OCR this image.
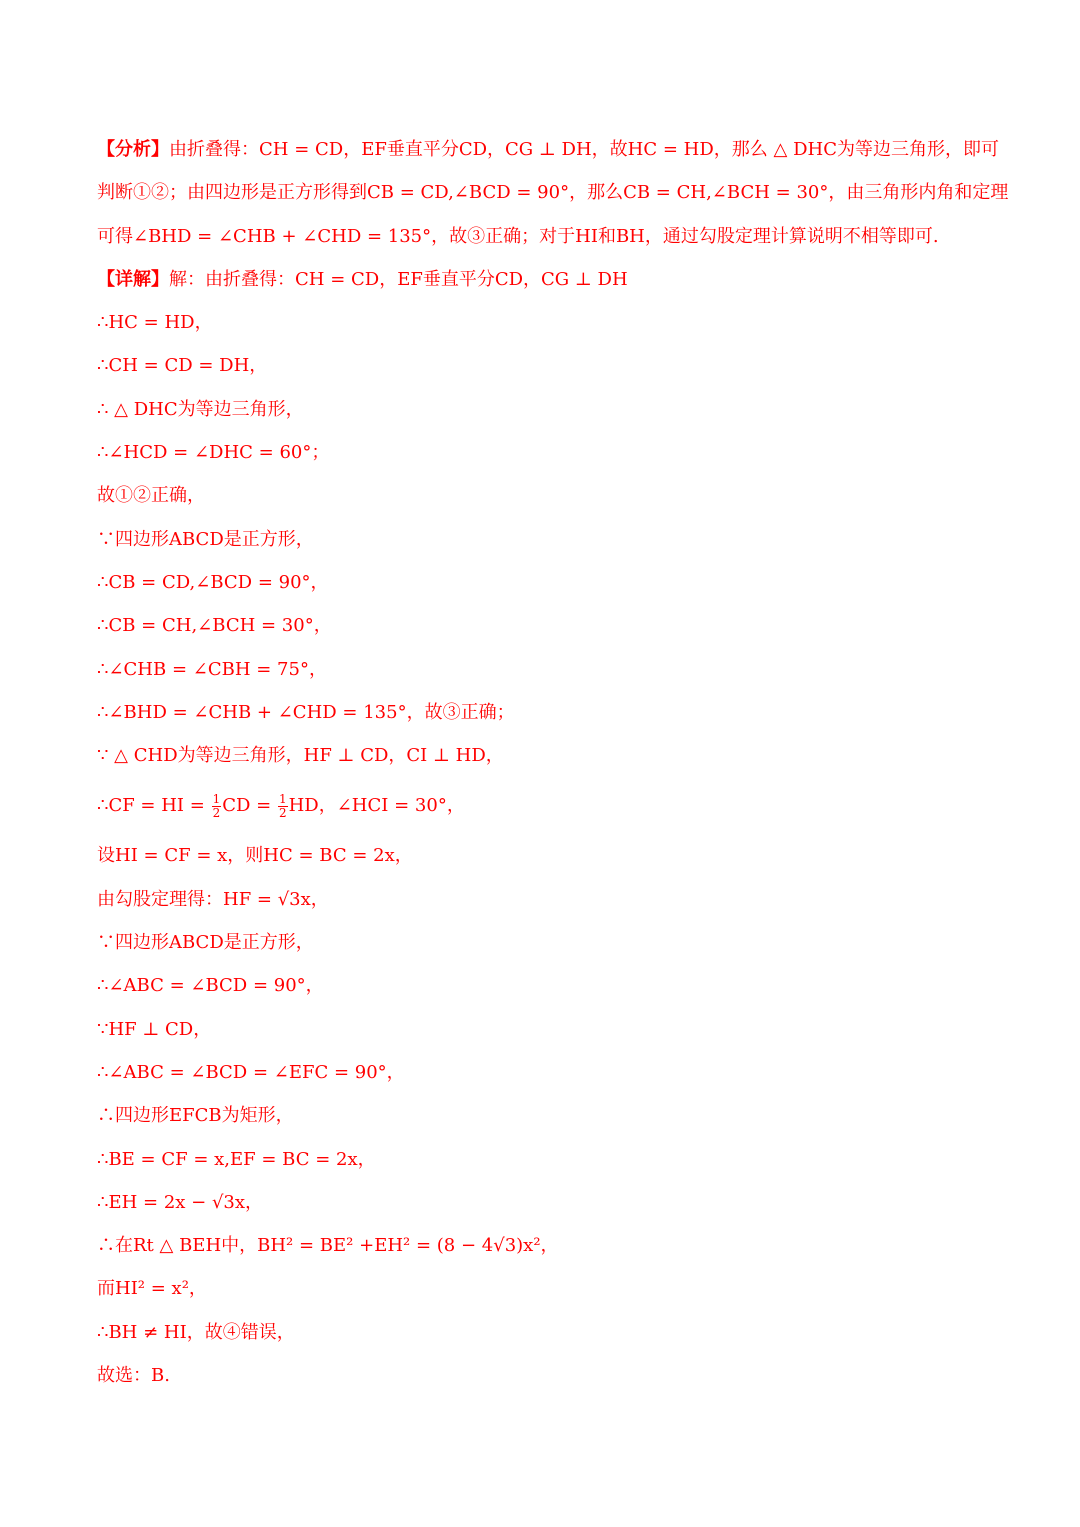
【分析】由折叠得：CH = CD，EF垂直平分CD，CG ⊥ DH，故HC = HD，那么 △ DHC为等边三角形，即可
判断①②；由四边形是正方形得到CB = CD,∠BCD = 90°，那么CB = CH,∠BCH = 30°，由三角形内角和定理
可得∠BHD = ∠CHB + ∠CHD = 135°，故③正确；对于HI和BH，通过勾股定理计算说明不相等即可.
【详解】解：由折叠得：CH = CD，EF垂直平分CD，CG ⊥ DH
∴HC = HD，
∴CH = CD = DH，
∴ △ DHC为等边三角形，
∴∠HCD = ∠DHC = 60°；
故①②正确，
∵四边形ABCD是正方形，
∴CB = CD,∠BCD = 90°，
∴CB = CH,∠BCH = 30°，
∴∠CHB = ∠CBH = 75°，
∴∠BHD = ∠CHB + ∠CHD = 135°，故③正确；
∵ △ CHD为等边三角形，HF ⊥ CD，CI ⊥ HD，
∴CF = HI = $\frac{1}{2}$ CD = $\frac{1}{2}$ HD，∠HCI = 30°，
设HI = CF = x，则HC = BC = 2x，
由勾股定理得：HF = √3x，
∵四边形ABCD是正方形，
∴∠ABC = ∠BCD = 90°，
∵HF ⊥ CD，
∴∠ABC = ∠BCD = ∠EFC = 90°，
∴四边形EFCB为矩形，
∴BE = CF = x,EF = BC = 2x，
∴EH = 2x − √3x，
∴在Rt △ BEH中，BH² = BE² +EH² = (8 − 4√3)x²，
而HI² = x²，
∴BH ≠ HI，故④错误，
故选：B.
